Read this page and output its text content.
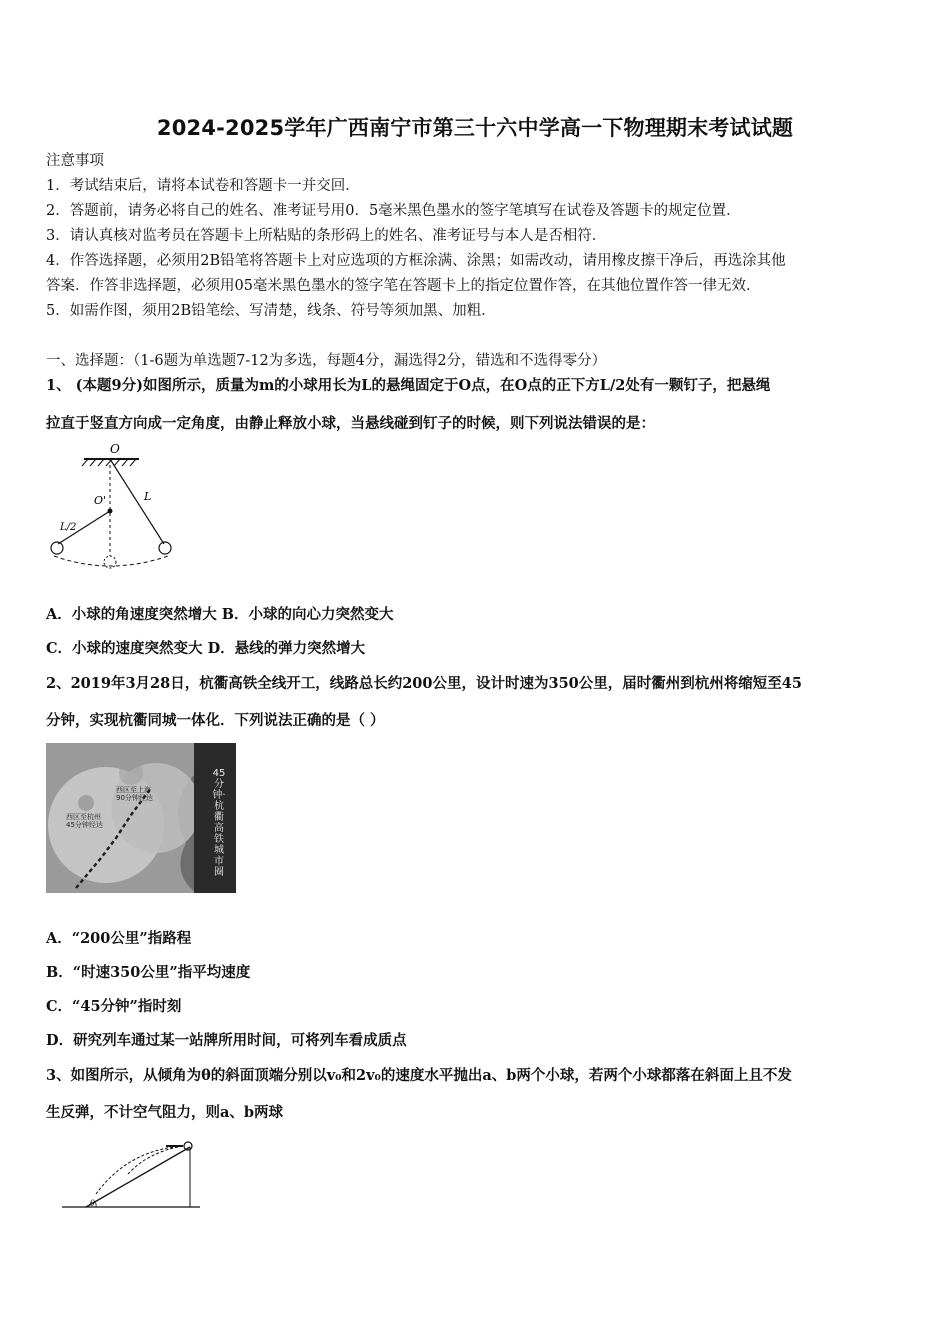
2024-2025学年广西南宁市第三十六中学高一下物理期末考试试题
注意事项
1．考试结束后，请将本试卷和答题卡一并交回．
2．答题前，请务必将自己的姓名、准考证号用0．5毫米黑色墨水的签字笔填写在试卷及答题卡的规定位置．
3．请认真核对监考员在答题卡上所粘贴的条形码上的姓名、准考证号与本人是否相符．
4．作答选择题，必须用2B铅笔将答题卡上对应选项的方框涂满、涂黑；如需改动，请用橡皮擦干净后，再选涂其他
答案．作答非选择题，必须用05毫米黑色墨水的签字笔在答题卡上的指定位置作答，在其他位置作答一律无效．
5．如需作图，须用2B铅笔绘、写清楚，线条、符号等须加黑、加粗．
一、选择题：（1-6题为单选题7-12为多选，每题4分，漏选得2分，错选和不选得零分）
1、 (本题9分)如图所示，质量为m的小球用长为L的悬绳固定于O点，在O点的正下方L/2处有一颗钉子，把悬绳
拉直于竖直方向成一定角度，由静止释放小球，当悬线碰到钉子的时候，则下列说法错误的是：
O
O'	L
L/2
A．小球的角速度突然增大 B．小球的向心力突然变大
C．小球的速度突然变大 D．悬线的弹力突然增大
2、2019年3月28日，杭衢高铁全线开工，线路总长约200公里，设计时速为350公里，届时衢州到杭州将缩短至45
分钟，实现杭衢同城一体化．下列说法正确的是（ ）
西区至上海
90分钟经达
西区至杭州
45分钟经达
45分钟·杭衢高铁城市圈
A．“200公里”指路程
B．“时速350公里”指平均速度
C．“45分钟”指时刻
D．研究列车通过某一站牌所用时间，可将列车看成质点
3、如图所示，从倾角为θ的斜面顶端分别以v₀和2v₀的速度水平抛出a、b两个小球，若两个小球都落在斜面上且不发
生反弹，不计空气阻力，则a、b两球
θ
